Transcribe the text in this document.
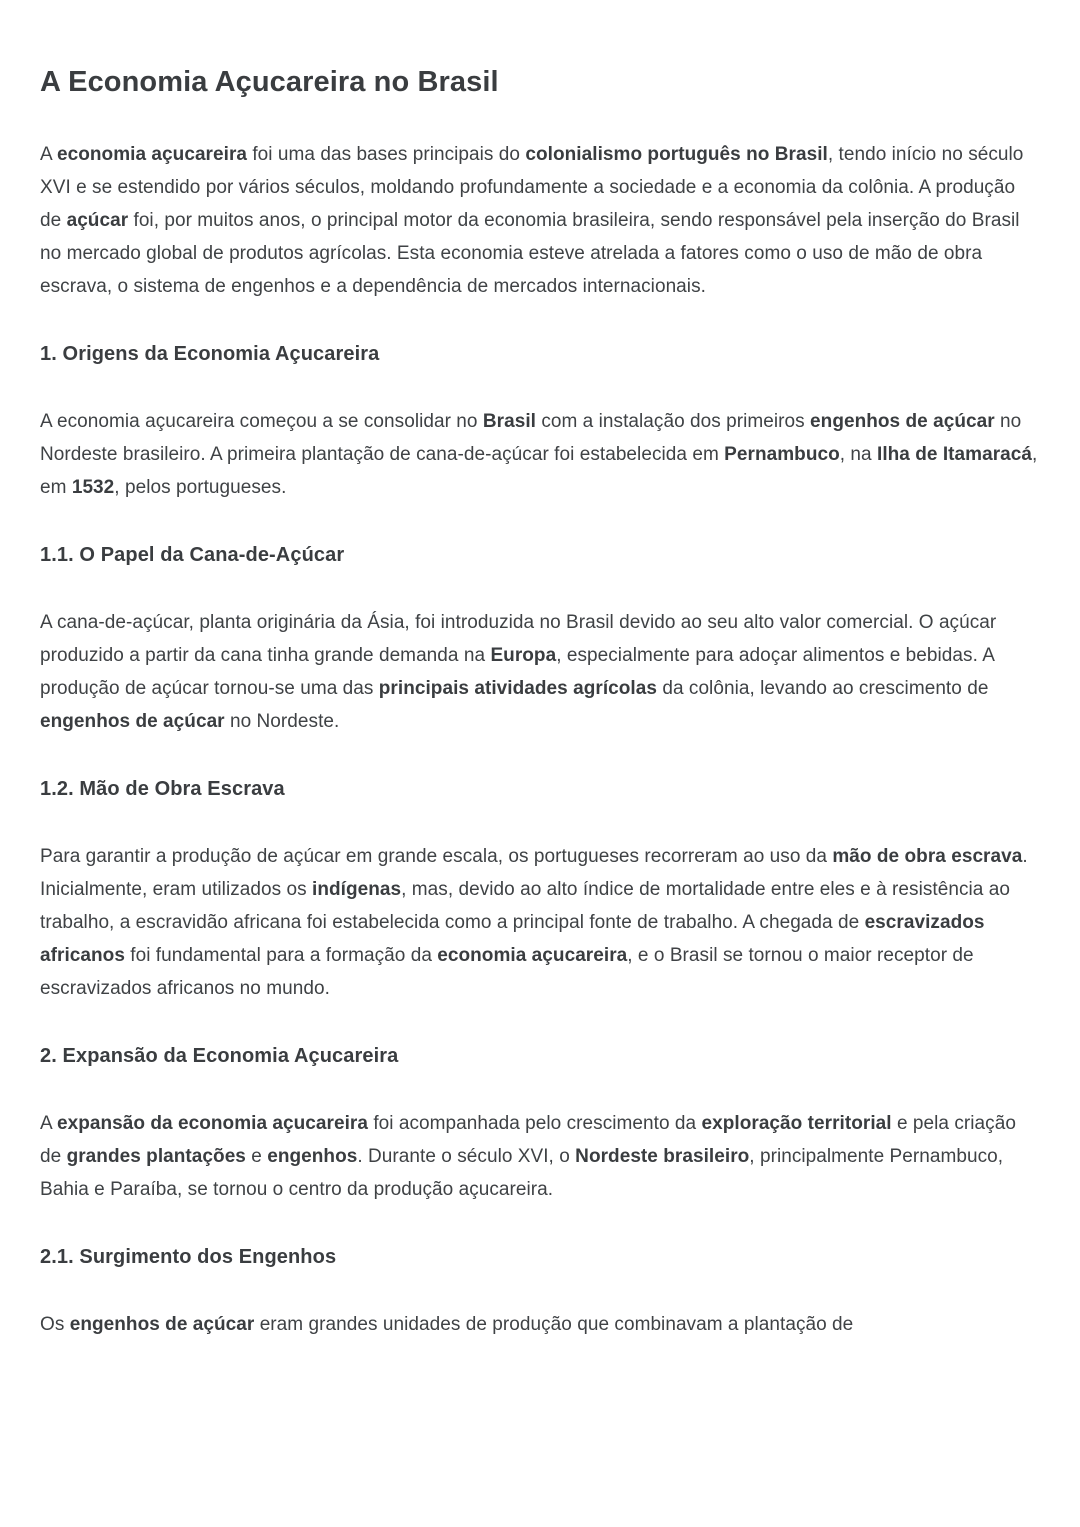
A Economia Açucareira no Brasil

A economia açucareira foi uma das bases principais do colonialismo português no Brasil, tendo início no século XVI e se estendido por vários séculos, moldando profundamente a sociedade e a economia da colônia. A produção de açúcar foi, por muitos anos, o principal motor da economia brasileira, sendo responsável pela inserção do Brasil no mercado global de produtos agrícolas. Esta economia esteve atrelada a fatores como o uso de mão de obra escrava, o sistema de engenhos e a dependência de mercados internacionais.

1. Origens da Economia Açucareira

A economia açucareira começou a se consolidar no Brasil com a instalação dos primeiros engenhos de açúcar no Nordeste brasileiro. A primeira plantação de cana-de-açúcar foi estabelecida em Pernambuco, na Ilha de Itamaracá, em 1532, pelos portugueses.

1.1. O Papel da Cana-de-Açúcar

A cana-de-açúcar, planta originária da Ásia, foi introduzida no Brasil devido ao seu alto valor comercial. O açúcar produzido a partir da cana tinha grande demanda na Europa, especialmente para adoçar alimentos e bebidas. A produção de açúcar tornou-se uma das principais atividades agrícolas da colônia, levando ao crescimento de engenhos de açúcar no Nordeste.

1.2. Mão de Obra Escrava

Para garantir a produção de açúcar em grande escala, os portugueses recorreram ao uso da mão de obra escrava. Inicialmente, eram utilizados os indígenas, mas, devido ao alto índice de mortalidade entre eles e à resistência ao trabalho, a escravidão africana foi estabelecida como a principal fonte de trabalho. A chegada de escravizados africanos foi fundamental para a formação da economia açucareira, e o Brasil se tornou o maior receptor de escravizados africanos no mundo.

2. Expansão da Economia Açucareira

A expansão da economia açucareira foi acompanhada pelo crescimento da exploração territorial e pela criação de grandes plantações e engenhos. Durante o século XVI, o Nordeste brasileiro, principalmente Pernambuco, Bahia e Paraíba, se tornou o centro da produção açucareira.

2.1. Surgimento dos Engenhos

Os engenhos de açúcar eram grandes unidades de produção que combinavam a plantação de
